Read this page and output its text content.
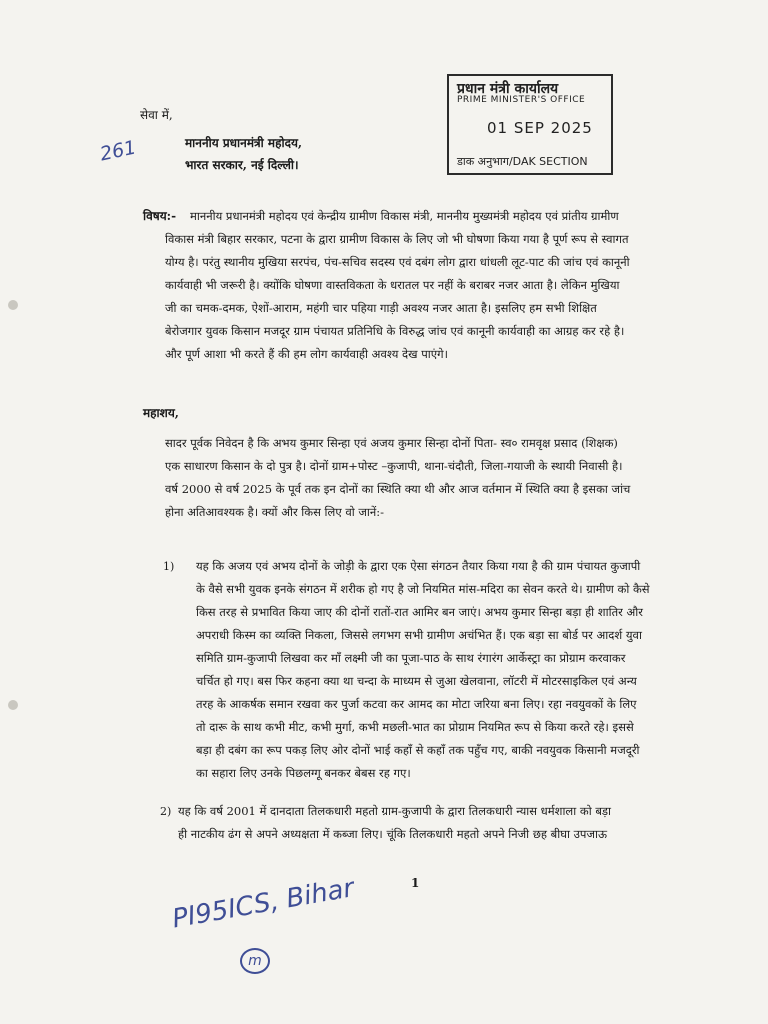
सेवा में,
माननीय प्रधानमंत्री महोदय,
भारत सरकार, नई दिल्ली।
261
प्रधान मंत्री कार्यालय
PRIME MINISTER'S OFFICE
01 SEP 2025
डाक अनुभाग/DAK SECTION
विषय:- माननीय प्रधानमंत्री महोदय एवं केन्द्रीय ग्रामीण विकास मंत्री, माननीय मुख्यमंत्री महोदय एवं प्रांतीय ग्रामीण
विकास मंत्री बिहार सरकार, पटना के द्वारा ग्रामीण विकास के लिए जो भी घोषणा किया गया है पूर्ण रूप से स्वागत
योग्य है। परंतु स्थानीय मुखिया सरपंच, पंच-सचिव सदस्य एवं दबंग लोग द्वारा धांधली लूट-पाट की जांच एवं कानूनी
कार्यवाही भी जरूरी है। क्योंकि घोषणा वास्तविकता के धरातल पर नहीं के बराबर नजर आता है। लेकिन मुखिया
जी का चमक-दमक, ऐशों-आराम, महंगी चार पहिया गाड़ी अवश्य नजर आता है। इसलिए हम सभी शिक्षित
बेरोजगार युवक किसान मजदूर ग्राम पंचायत प्रतिनिधि के विरुद्ध जांच एवं कानूनी कार्यवाही का आग्रह कर रहे है।
और पूर्ण आशा भी करते हैं की हम लोग कार्यवाही अवश्य देख पाएंगे।
महाशय,
सादर पूर्वक निवेदन है कि अभय कुमार सिन्हा एवं अजय कुमार सिन्हा दोनों पिता- स्व० रामवृक्ष प्रसाद (शिक्षक)
एक साधारण किसान के दो पुत्र है। दोनों ग्राम+पोस्ट –कुजापी, थाना-चंदौती, जिला-गयाजी के स्थायी निवासी है।
वर्ष 2000 से वर्ष 2025 के पूर्व तक इन दोनों का स्थिति क्या थी और आज वर्तमान में स्थिति क्या है इसका जांच
होना अतिआवश्यक है। क्यों और किस लिए वो जानें:-
1) यह कि अजय एवं अभय दोनों के जोड़ी के द्वारा एक ऐसा संगठन तैयार किया गया है की ग्राम पंचायत कुजापी
के वैसे सभी युवक इनके संगठन में शरीक हो गए है जो नियमित मांस-मदिरा का सेवन करते थे। ग्रामीण को कैसे
किस तरह से प्रभावित किया जाए की दोनों रातों-रात आमिर बन जाएं। अभय कुमार सिन्हा बड़ा ही शातिर और
अपराधी किस्म का व्यक्ति निकला, जिससे लगभग सभी ग्रामीण अचंभित हैं। एक बड़ा सा बोर्ड पर आदर्श युवा
समिति ग्राम-कुजापी लिखवा कर माँ लक्ष्मी जी का पूजा-पाठ के साथ रंगारंग आर्केस्ट्रा का प्रोग्राम करवाकर
चर्चित हो गए। बस फिर कहना क्या था चन्दा के माध्यम से जुआ खेलवाना, लॉटरी में मोटरसाइकिल एवं अन्य
तरह के आकर्षक समान रखवा कर पुर्जा कटवा कर आमद का मोटा जरिया बना लिए। रहा नवयुवकों के लिए
तो दारू के साथ कभी मीट, कभी मुर्गा, कभी मछली-भात का प्रोग्राम नियमित रूप से किया करते रहे। इससे
बड़ा ही दबंग का रूप पकड़ लिए ओर दोनों भाई कहाँ से कहाँ तक पहुँच गए, बाकी नवयुवक किसानी मजदूरी
का सहारा लिए उनके पिछलग्गू बनकर बेबस रह गए।
2) यह कि वर्ष 2001 में दानदाता तिलकधारी महतो ग्राम-कुजापी के द्वारा तिलकधारी न्यास धर्मशाला को बड़ा
ही नाटकीय ढंग से अपने अध्यक्षता में कब्जा लिए। चूंकि तिलकधारी महतो अपने निजी छह बीघा उपजाऊ
1
PI95ICS, Bihar
m
